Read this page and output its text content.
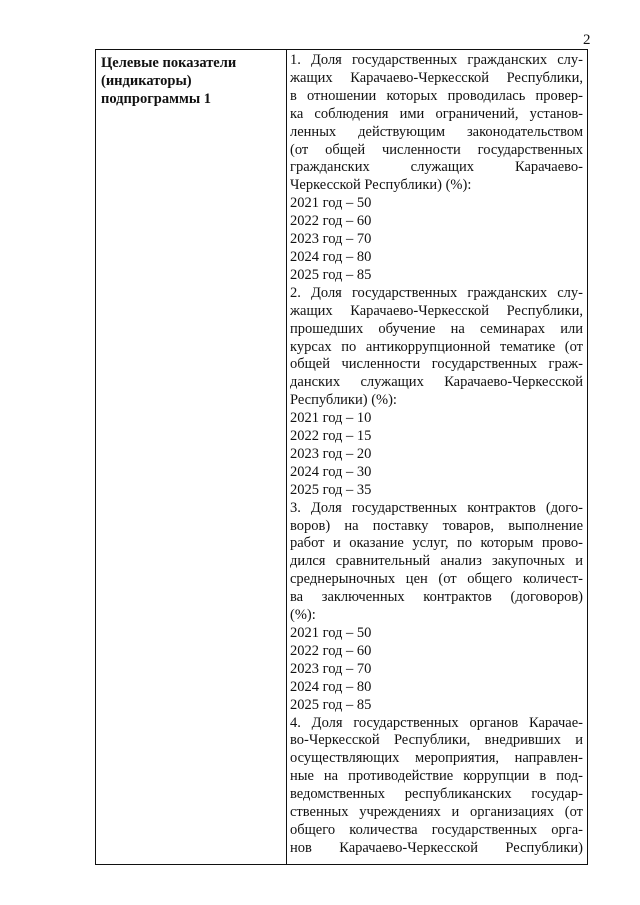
2
Целевые показатели
(индикаторы)
подпрограммы 1
1. Доля государственных гражданских слу-
жащих Карачаево-Черкесской Республики,
в отношении которых проводилась провер-
ка соблюдения ими ограничений, установ-
ленных действующим законодательством
(от общей численности государственных
гражданских служащих Карачаево-
Черкесской Республики) (%):
2021 год – 50
2022 год – 60
2023 год – 70
2024 год – 80
2025 год – 85
2. Доля государственных гражданских слу-
жащих Карачаево-Черкесской Республики,
прошедших обучение на семинарах или
курсах по антикоррупционной тематике (от
общей численности государственных граж-
данских служащих Карачаево-Черкесской
Республики) (%):
2021 год – 10
2022 год – 15
2023 год – 20
2024 год – 30
2025 год – 35
3. Доля государственных контрактов (дого-
воров) на поставку товаров, выполнение
работ и оказание услуг, по которым прово-
дился сравнительный анализ закупочных и
среднерыночных цен (от общего количест-
ва заключенных контрактов (договоров)
(%):
2021 год – 50
2022 год – 60
2023 год – 70
2024 год – 80
2025 год – 85
4. Доля государственных органов Карачае-
во-Черкесской Республики, внедривших и
осуществляющих мероприятия, направлен-
ные на противодействие коррупции в под-
ведомственных республиканских государ-
ственных учреждениях и организациях (от
общего количества государственных орга-
нов Карачаево-Черкесской Республики)
